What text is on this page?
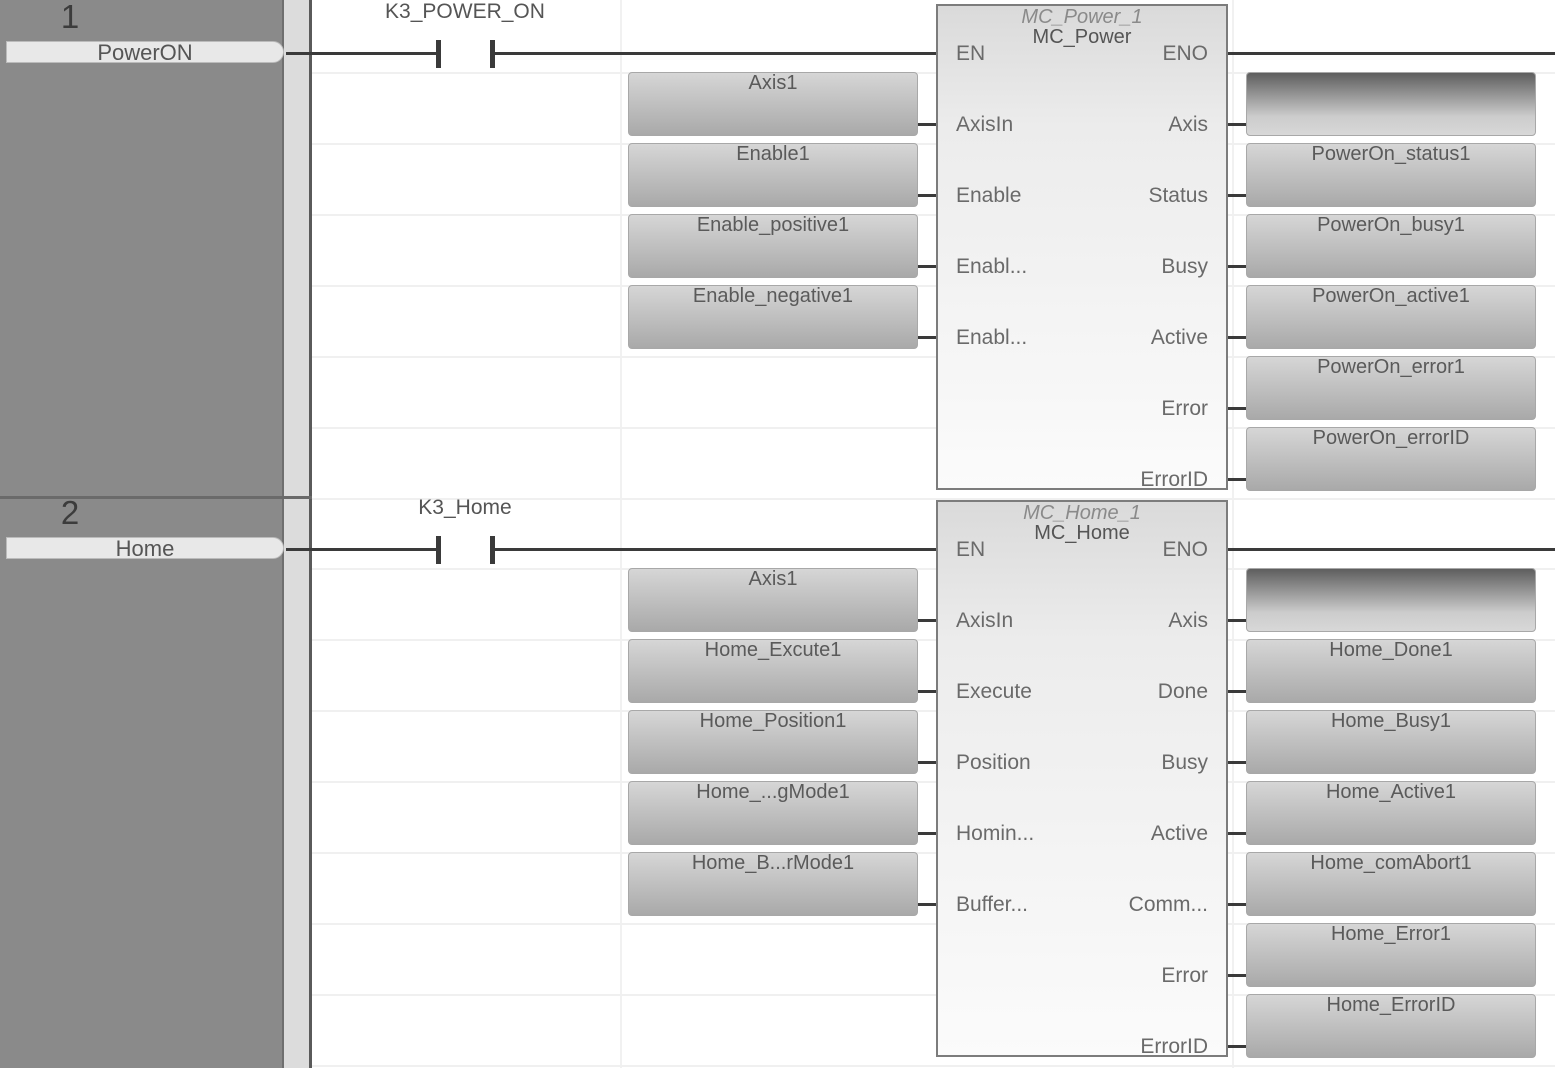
1
PowerON
K3_POWER_ON
Axis1
Enable1
Enable_positive1
Enable_negative1
PowerOn_status1
PowerOn_busy1
PowerOn_active1
PowerOn_error1
PowerOn_errorID
MC_Power_1
MC_Power
EN	ENO
AxisIn
Enable
Enabl...
Enabl...
Axis
Status
Busy
Active
Error
ErrorID
2
Home
K3_Home
Axis1
Home_Excute1
Home_Position1
Home_...gMode1
Home_B...rMode1
Home_Done1
Home_Busy1
Home_Active1
Home_comAbort1
Home_Error1
Home_ErrorID
MC_Home_1
MC_Home
EN	ENO
AxisIn
Execute
Position
Homin...
Buffer...
Axis
Done
Busy
Active
Comm...
Error
ErrorID
